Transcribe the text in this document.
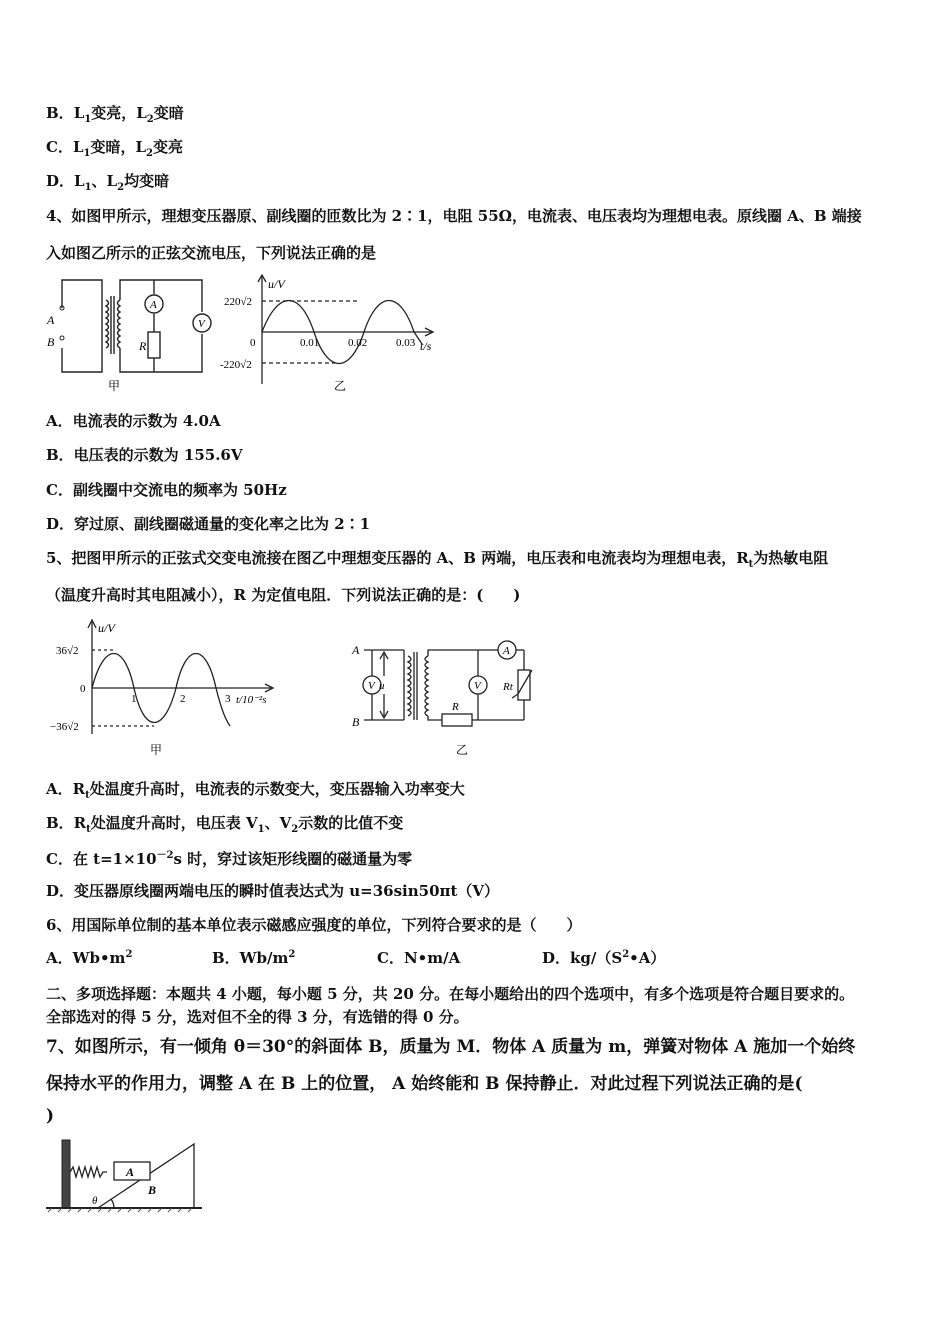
B．$L_1$变亮，$L_2$变暗
C．$L_1$变暗，$L_2$变亮
D．$L_1$、$L_2$均变暗
4、如图甲所示，理想变压器原、副线圈的匝数比为 2∶1，电阻 55Ω，电流表、电压表均为理想电表。原线圈 A、B 端接
入如图乙所示的正弦交流电压，下列说法正确的是
A
V
A
B	R
甲
u/V
t/s
220√2
-220√2
0	0.01	0.02	0.03
乙
A．电流表的示数为 4.0A
B．电压表的示数为 155.6V
C．副线圈中交流电的频率为 50Hz
D．穿过原、副线圈磁通量的变化率之比为 2∶1
5、把图甲所示的正弦式交变电流接在图乙中理想变压器的 A、B 两端，电压表和电流表均为理想电表，$R_t$为热敏电阻
（温度升高时其电阻减小），R 为定值电阻．下列说法正确的是：(　　)
u/V
t/10⁻²s
36√2
−36√2
0
1	2	3
甲
V	V
A
A
B
u
R
Rt
乙
A．$R_t$处温度升高时，电流表的示数变大，变压器输入功率变大
B．$R_t$处温度升高时，电压表 $V_1$、$V_2$示数的比值不变
C．在 $t=1\times 10^{-2}s$ 时，穿过该矩形线圈的磁通量为零
D．变压器原线圈两端电压的瞬时值表达式为 u=36sin50πt（V）
6、用国际单位制的基本单位表示磁感应强度的单位，下列符合要求的是（　　）
A．$Wb•m^2$	B．$Wb/m^2$	C．N•m/A	D．$kg/(S^2•A)$
二、多项选择题：本题共 4 小题，每小题 5 分，共 20 分。在每小题给出的四个选项中，有多个选项是符合题目要求的。
全部选对的得 5 分，选对但不全的得 3 分，有选错的得 0 分。
7、如图所示，有一倾角 θ＝30°的斜面体 B，质量为 M．物体 A 质量为 m，弹簧对物体 A 施加一个始终
保持水平的作用力，调整 A 在 B 上的位置， A 始终能和 B 保持静止．对此过程下列说法正确的是(
)
A
B
θ
